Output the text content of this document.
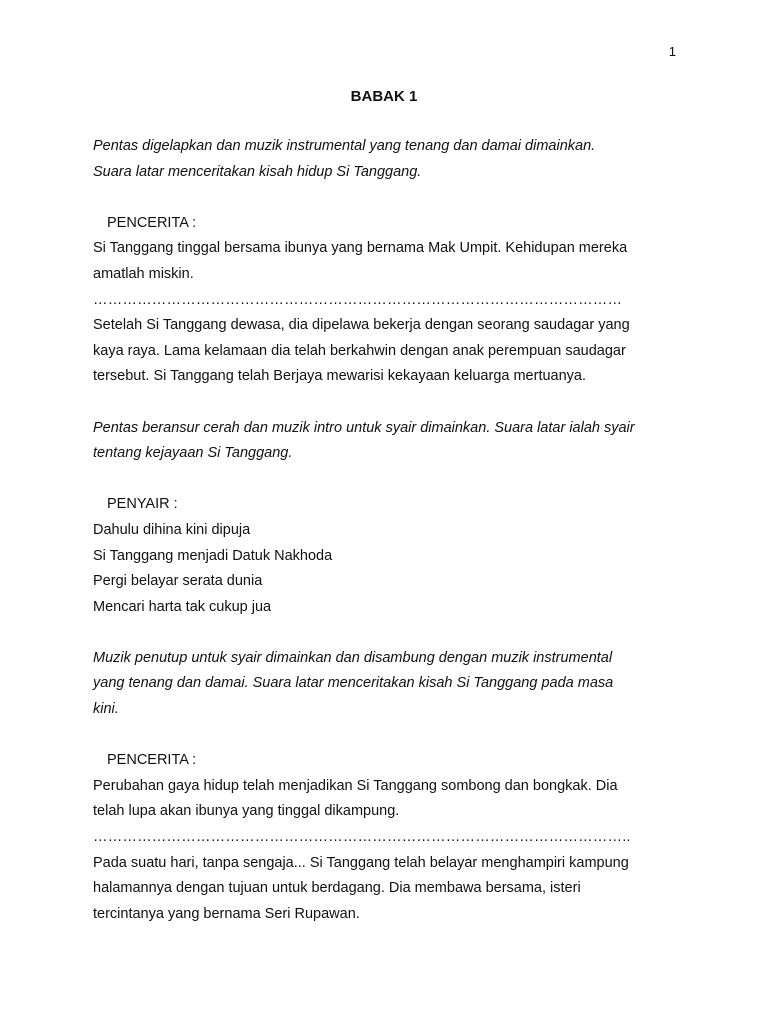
1
BABAK 1
Pentas digelapkan dan muzik instrumental yang tenang dan damai dimainkan.
Suara latar menceritakan kisah hidup Si Tanggang.
PENCERITA :
Si Tanggang tinggal bersama ibunya yang bernama Mak Umpit. Kehidupan mereka
amatlah miskin.
………………………………………………………………………………………………
Setelah Si Tanggang dewasa, dia dipelawa bekerja dengan seorang saudagar yang
kaya raya. Lama kelamaan dia telah berkahwin dengan anak perempuan saudagar
tersebut. Si Tanggang telah Berjaya mewarisi kekayaan keluarga mertuanya.
Pentas beransur cerah dan muzik intro untuk syair dimainkan. Suara latar ialah syair
tentang kejayaan Si Tanggang.
PENYAIR :
Dahulu dihina kini dipuja
Si Tanggang menjadi Datuk Nakhoda
Pergi belayar serata dunia
Mencari harta tak cukup jua
Muzik penutup untuk syair dimainkan dan disambung dengan muzik instrumental
yang tenang dan damai. Suara latar menceritakan kisah Si Tanggang pada masa
kini.
PENCERITA :
Perubahan gaya hidup telah menjadikan Si Tanggang sombong dan bongkak. Dia
telah lupa akan ibunya yang tinggal dikampung.
………………………………………………………………………………………………..
Pada suatu hari, tanpa sengaja... Si Tanggang telah belayar menghampiri kampung
halamannya dengan tujuan untuk berdagang. Dia membawa bersama, isteri
tercintanya yang bernama Seri Rupawan.
